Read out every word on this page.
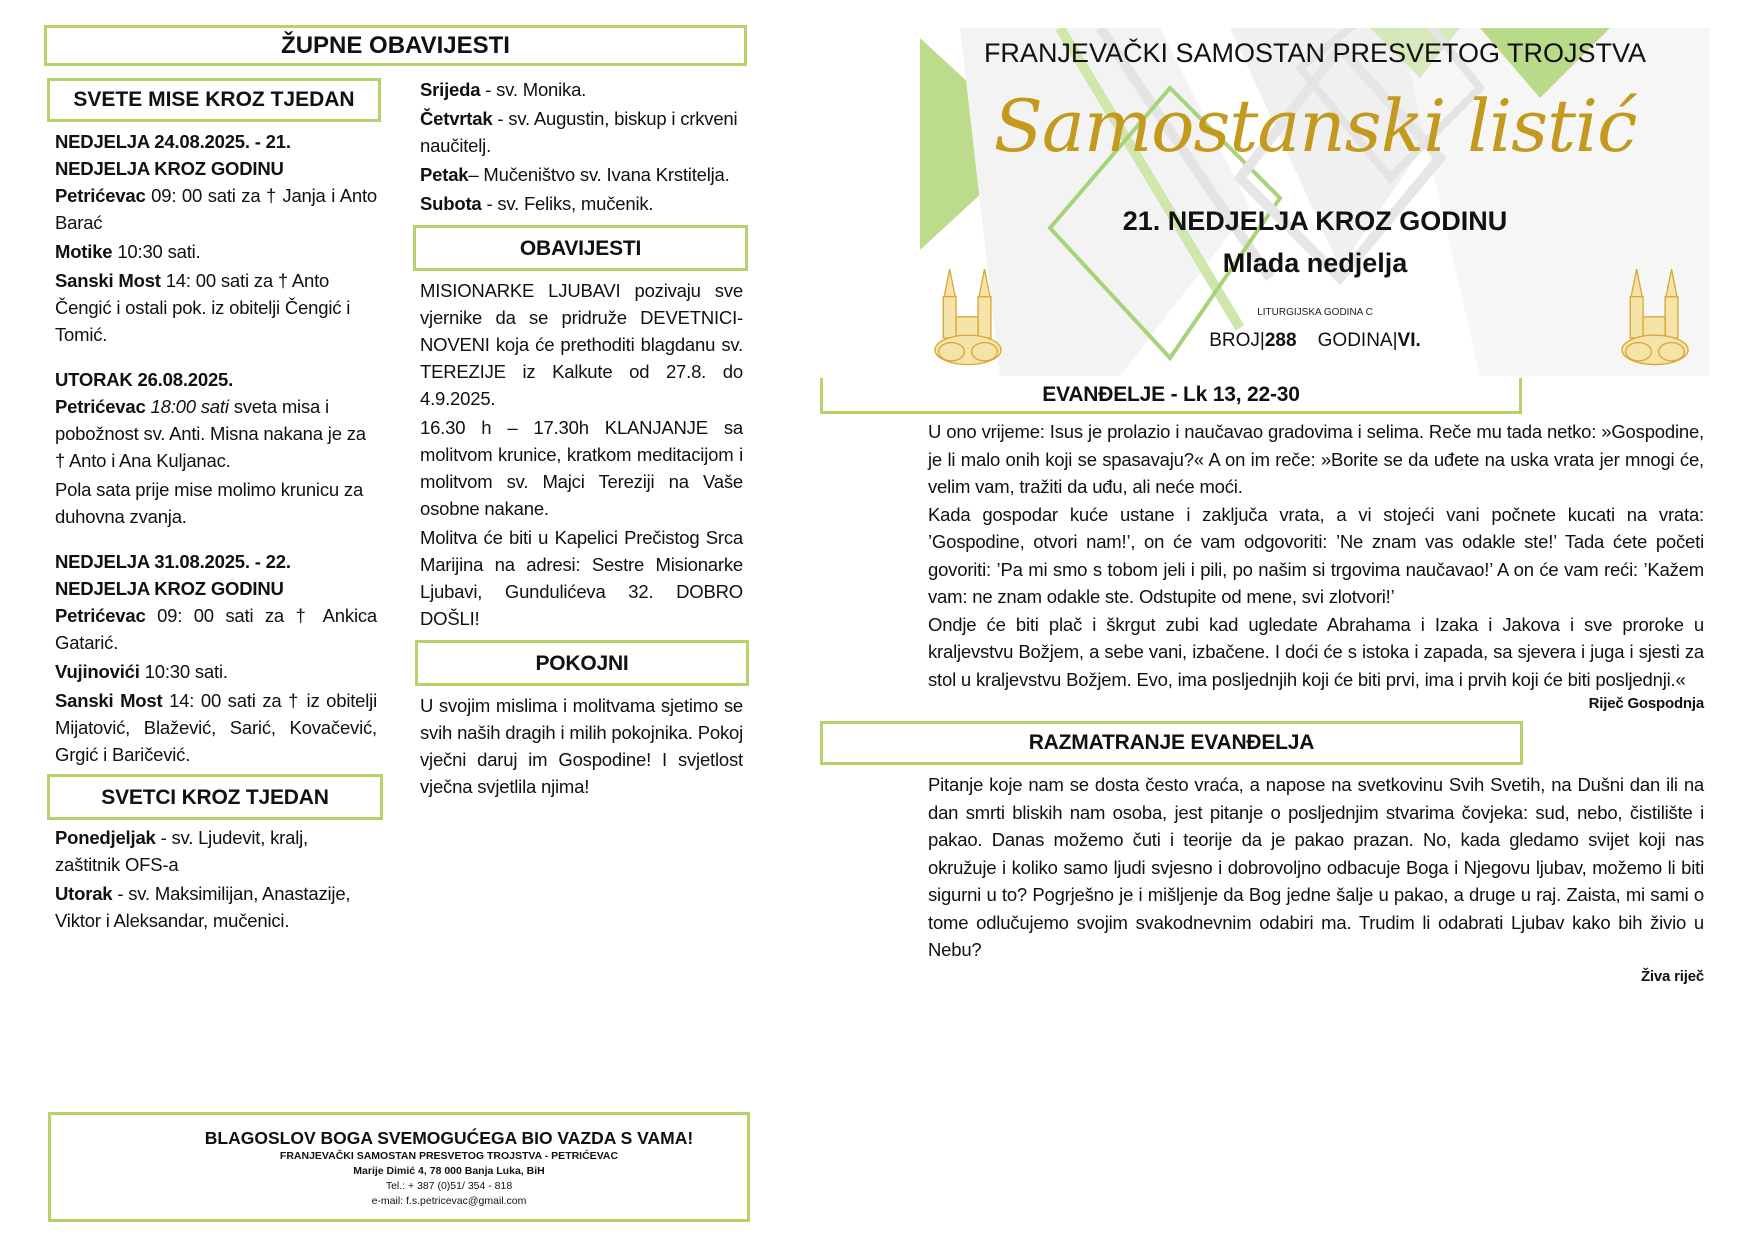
ŽUPNE OBAVIJESTI
SVETE MISE KROZ TJEDAN
NEDJELJA 24.08.2025. - 21.
NEDJELJA KROZ GODINU

Petrićevac 09: 00 sati za † Janja i Anto Barać

Motike 10:30 sati.

Sanski Most 14: 00 sati za † Anto Čengić i ostali pok. iz obitelji Čengić i Tomić.

UTORAK 26.08.2025.

Petrićevac 18:00 sati sveta misa i pobožnost sv. Anti. Misna nakana je za † Anto i Ana Kuljanac.

Pola sata prije mise molimo krunicu za duhovna zvanja.

NEDJELJA 31.08.2025. - 22.
NEDJELJA KROZ GODINU

Petrićevac 09: 00 sati za † Ankica Gatarić.

Vujinovići 10:30 sati.

Sanski Most 14: 00 sati za † iz obitelji Mijatović, Blažević, Sarić, Kovačević, Grgić i Baričević.

SVETCI KROZ TJEDAN

Ponedjeljak - sv. Ljudevit, kralj, zaštitnik OFS-a

Utorak - sv. Maksimilijan, Anastazije, Viktor i Aleksandar, mučenici.

Srijeda - sv. Monika.

Četvrtak - sv. Augustin, biskup i crkveni naučitelj.

Petak– Mučeništvo sv. Ivana Krstitelja.

Subota - sv. Feliks, mučenik.

OBAVIJESTI

MISIONARKE LJUBAVI pozivaju sve vjernike da se pridruže DEVETNICI-NOVENI koja će prethoditi blagdanu sv. TEREZIJE iz Kalkute od 27.8. do 4.9.2025.

16.30 h – 17.30h KLANJANJE sa molitvom krunice, kratkom meditacijom i molitvom sv. Majci Tereziji na Vaše osobne nakane.

Molitva će biti u Kapelici Prečistog Srca Marijina na adresi: Sestre Misionarke Ljubavi, Gundulićeva 32. DOBRO DOŠLI!

POKOJNI

U svojim mislima i molitvama sjetimo se svih naših dragih i milih pokojnika. Pokoj vječni daruj im Gospodine! I svjetlost vječna svjetlila njima!

BLAGOSLOV BOGA SVEMOGUĆEGA BIO VAZDA S VAMA!
FRANJEVAČKI SAMOSTAN PRESVETOG TROJSTVA - PETRIĆEVAC
Marije Dimić 4, 78 000 Banja Luka, BiH
Tel.: + 387 (0)51/ 354 - 818
e-mail: f.s.petricevac@gmail.com
FRANJEVAČKI SAMOSTAN PRESVETOG TROJSTVA
Samostanski listić
21. NEDJELJA KROZ GODINU
Mlada nedjelja
LITURGIJSKA GODINA C
BROJ|288 GODINA|VI.
EVANĐELJE - Lk 13, 22-30

U ono vrijeme: Isus je prolazio i naučavao gradovima i selima. Reče mu tada netko: »Gospodine, je li malo onih koji se spasavaju?« A on im reče: »Borite se da uđete na uska vrata jer mnogi će, velim vam, tražiti da uđu, ali neće moći.

Kada gospodar kuće ustane i zaključa vrata, a vi stojeći vani počnete kucati na vrata: ’Gospodine, otvori nam!’, on će vam odgovoriti: ’Ne znam vas odakle ste!’ Tada ćete početi govoriti: ’Pa mi smo s tobom jeli i pili, po našim si trgovima naučavao!’ A on će vam reći: ’Kažem vam: ne znam odakle ste. Odstupite od mene, svi zlotvori!’

Ondje će biti plač i škrgut zubi kad ugledate Abrahama i Izaka i Jakova i sve proroke u kraljevstvu Božjem, a sebe vani, izbačene. I doći će s istoka i zapada, sa sjevera i juga i sjesti za stol u kraljevstvu Božjem. Evo, ima posljednjih koji će biti prvi, ima i prvih koji će biti posljednji.«

Riječ Gospodnja
RAZMATRANJE EVANĐELJA

Pitanje koje nam se dosta često vraća, a napose na svetkovinu Svih Svetih, na Dušni dan ili na dan smrti bliskih nam osoba, jest pitanje o posljednjim stvarima čovjeka: sud, nebo, čistilište i pakao. Danas možemo čuti i teorije da je pakao prazan. No, kada gledamo svijet koji nas okružuje i koliko samo ljudi svjesno i dobrovoljno odbacuje Boga i Njegovu ljubav, možemo li biti sigurni u to? Pogrješno je i mišljenje da Bog jedne šalje u pakao, a druge u raj. Zaista, mi sami o tome odlučujemo svojim svakodnevnim odabiri ma. Trudim li odabrati Ljubav kako bih živio u Nebu?

Živa riječ
